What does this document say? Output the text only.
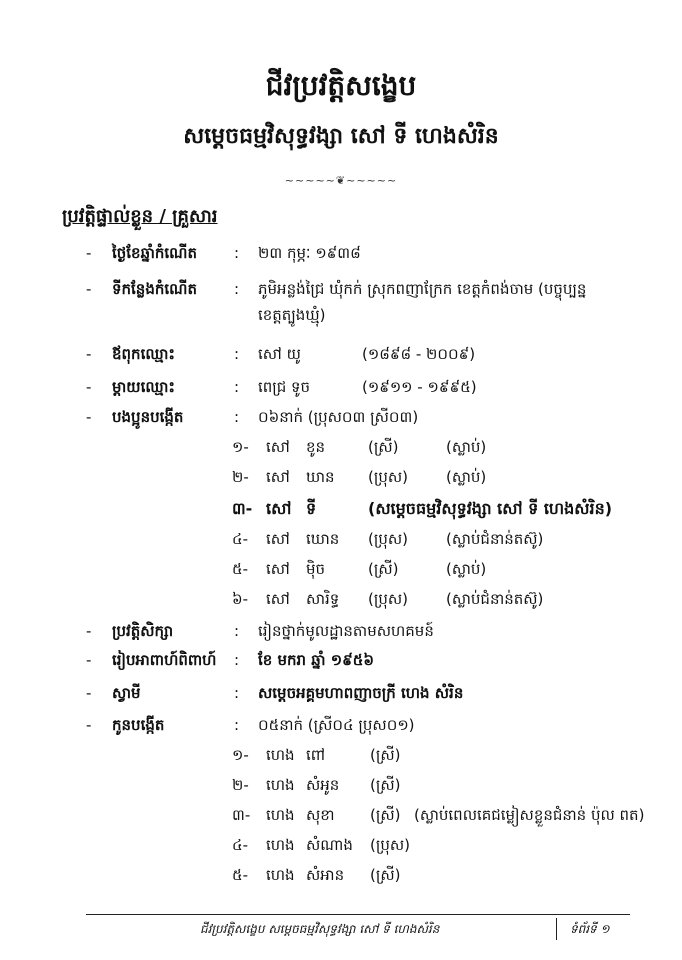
ជីវប្រវត្តិសង្ខេប
សម្តេចធម្មវិសុទ្ធវង្សា សៅ ទី ហេងសំរិន
~~~~~❦~~~~~
ប្រវត្តិផ្ទាល់ខ្លួន / គ្រួសារ
- ថ្ងៃខែឆ្នាំកំណើត : ២៣ កុម្ភៈ ១៩៣៨
- ទីកន្លែងកំណើត : ភូមិអន្លង់ជ្រៃ ឃុំកក់ ស្រុកពញាក្រែក ខេត្តកំពង់ចាម (បច្ចុប្បន្ន
ខេត្តត្បូងឃ្មុំ)
- ឪពុកឈ្មោះ	: សៅ យូ	(១៨៩៨ - ២០០៩)
- ម្តាយឈ្មោះ	: ពេជ្រ ទូច	(១៩១១ - ១៩៩៥)
- បងប្អូនបង្កើត	: ០៦នាក់ (ប្រុស០៣ ស្រី០៣)
១- សៅ ខូន	(ស្រី)	(ស្លាប់)
២- សៅ ឃាន (ប្រុស)	(ស្លាប់)
៣- សៅ ទី	(សម្តេចធម្មវិសុទ្ធវង្សា សៅ ទី ហេងសំរិន)
៤- សៅ ឃោន (ប្រុស)	(ស្លាប់ជំនាន់តស៊ូ)
៥- សៅ ម៉ិច	(ស្រី)	(ស្លាប់)
៦- សៅ សារិទ្ធ (ប្រុស)	(ស្លាប់ជំនាន់តស៊ូ)
- ប្រវត្តិសិក្សា	: រៀនថ្នាក់មូលដ្ឋានតាមសហគមន៍
- រៀបអាពាហ៍ពិពាហ៍ : ខែ មករា ឆ្នាំ ១៩៥៦
- ស្វាមី	: សម្តេចអគ្គមហាពញាចក្រី ហេង សំរិន
- កូនបង្កើត	: ០៥នាក់ (ស្រី០៤ ប្រុស០១)
១- ហេង ពៅ	(ស្រី)
២- ហេង សំអូន (ស្រី)
៣- ហេង សុខា (ស្រី) (ស្លាប់ពេលគេជម្លៀសខ្លួនជំនាន់ ប៉ុល ពត)
៤- ហេង សំណាង (ប្រុស)
៥- ហេង សំអាន (ស្រី)
ជីវប្រវត្តិសង្ខេប សម្តេចធម្មវិសុទ្ធវង្សា សៅ ទី ហេងសំរិន	ទំព័រទី ១
